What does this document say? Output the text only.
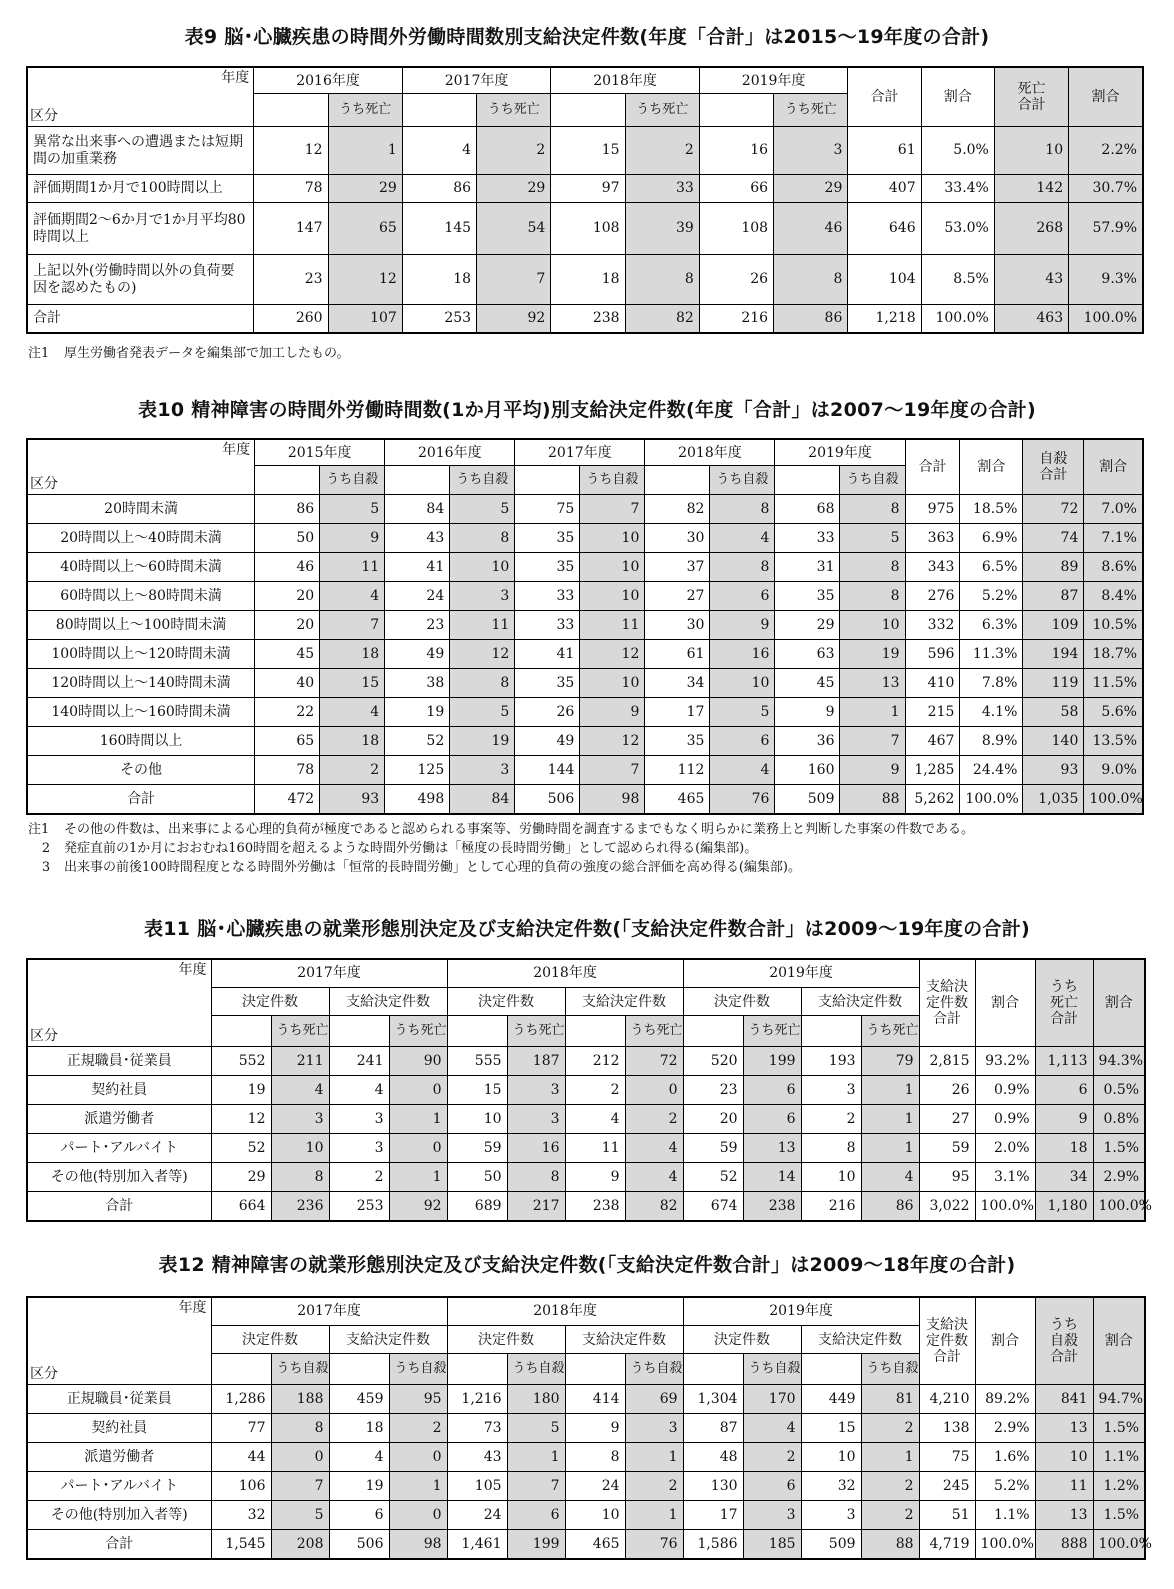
表9 脳･心臓疾患の時間外労働時間数別支給決定件数(年度「合計」は2015～19年度の合計)
年度
区分	2016年度		2017年度		2018年度		2019年度		合計	割合	死亡合計	割合
		うち死亡		うち死亡		うち死亡		うち死亡				
異常な出来事への遭遇または短期間の加重業務	12	1	4	2	15	2	16	3	61	5.0%	10	2.2%
評価期間1か月で100時間以上	78	29	86	29	97	33	66	29	407	33.4%	142	30.7%
評価期間2～6か月で1か月平均80時間以上	147	65	145	54	108	39	108	46	646	53.0%	268	57.9%
上記以外(労働時間以外の負荷要因を認めたもの)	23	12	18	7	18	8	26	8	104	8.5%	43	9.3%
合計	260	107	253	92	238	82	216	86	1,218	100.0%	463	100.0%
注1 厚生労働省発表データを編集部で加工したもの。
表10 精神障害の時間外労働時間数(1か月平均)別支給決定件数(年度「合計」は2007～19年度の合計)
年度
区分	2015年度		2016年度		2017年度		2018年度		2019年度		合計	割合	自殺合計	割合
		うち自殺		うち自殺		うち自殺		うち自殺		うち自殺				
20時間未満	86	5	84	5	75	7	82	8	68	8	975	18.5%	72	7.0%
20時間以上～40時間未満	50	9	43	8	35	10	30	4	33	5	363	6.9%	74	7.1%
40時間以上～60時間未満	46	11	41	10	35	10	37	8	31	8	343	6.5%	89	8.6%
60時間以上～80時間未満	20	4	24	3	33	10	27	6	35	8	276	5.2%	87	8.4%
80時間以上～100時間未満	20	7	23	11	33	11	30	9	29	10	332	6.3%	109	10.5%
100時間以上～120時間未満	45	18	49	12	41	12	61	16	63	19	596	11.3%	194	18.7%
120時間以上～140時間未満	40	15	38	8	35	10	34	10	45	13	410	7.8%	119	11.5%
140時間以上～160時間未満	22	4	19	5	26	9	17	5	9	1	215	4.1%	58	5.6%
160時間以上	65	18	52	19	49	12	35	6	36	7	467	8.9%	140	13.5%
その他	78	2	125	3	144	7	112	4	160	9	1,285	24.4%	93	9.0%
合計	472	93	498	84	506	98	465	76	509	88	5,262	100.0%	1,035	100.0%
注1 その他の件数は、出来事による心理的負荷が極度であると認められる事案等、労働時間を調査するまでもなく明らかに業務上と判断した事案の件数である。
2 発症直前の1か月におおむね160時間を超えるような時間外労働は「極度の長時間労働」として認められ得る(編集部)。
3 出来事の前後100時間程度となる時間外労働は「恒常的長時間労働」として心理的負荷の強度の総合評価を高め得る(編集部)。
表11 脳･心臓疾患の就業形態別決定及び支給決定件数(「支給決定件数合計」は2009～19年度の合計)
年度
区分	2017年度				2018年度				2019年度				支給決定件数合計	割合	うち死亡合計	割合
	決定件数		支給決定件数		決定件数		支給決定件数		決定件数		支給決定件数					
		うち死亡		うち死亡		うち死亡		うち死亡		うち死亡		うち死亡				
正規職員･従業員	552	211	241	90	555	187	212	72	520	199	193	79	2,815	93.2%	1,113	94.3%
契約社員	19	4	4	0	15	3	2	0	23	6	3	1	26	0.9%	6	0.5%
派遣労働者	12	3	3	1	10	3	4	2	20	6	2	1	27	0.9%	9	0.8%
パート･アルバイト	52	10	3	0	59	16	11	4	59	13	8	1	59	2.0%	18	1.5%
その他(特別加入者等)	29	8	2	1	50	8	9	4	52	14	10	4	95	3.1%	34	2.9%
合計	664	236	253	92	689	217	238	82	674	238	216	86	3,022	100.0%	1,180	100.0%
表12 精神障害の就業形態別決定及び支給決定件数(「支給決定件数合計」は2009～18年度の合計)
年度
区分	2017年度				2018年度				2019年度				支給決定件数合計	割合	うち自殺合計	割合
	決定件数		支給決定件数		決定件数		支給決定件数		決定件数		支給決定件数					
		うち自殺		うち自殺		うち自殺		うち自殺		うち自殺		うち自殺				
正規職員･従業員	1,286	188	459	95	1,216	180	414	69	1,304	170	449	81	4,210	89.2%	841	94.7%
契約社員	77	8	18	2	73	5	9	3	87	4	15	2	138	2.9%	13	1.5%
派遣労働者	44	0	4	0	43	1	8	1	48	2	10	1	75	1.6%	10	1.1%
パート･アルバイト	106	7	19	1	105	7	24	2	130	6	32	2	245	5.2%	11	1.2%
その他(特別加入者等)	32	5	6	0	24	6	10	1	17	3	3	2	51	1.1%	13	1.5%
合計	1,545	208	506	98	1,461	199	465	76	1,586	185	509	88	4,719	100.0%	888	100.0%
